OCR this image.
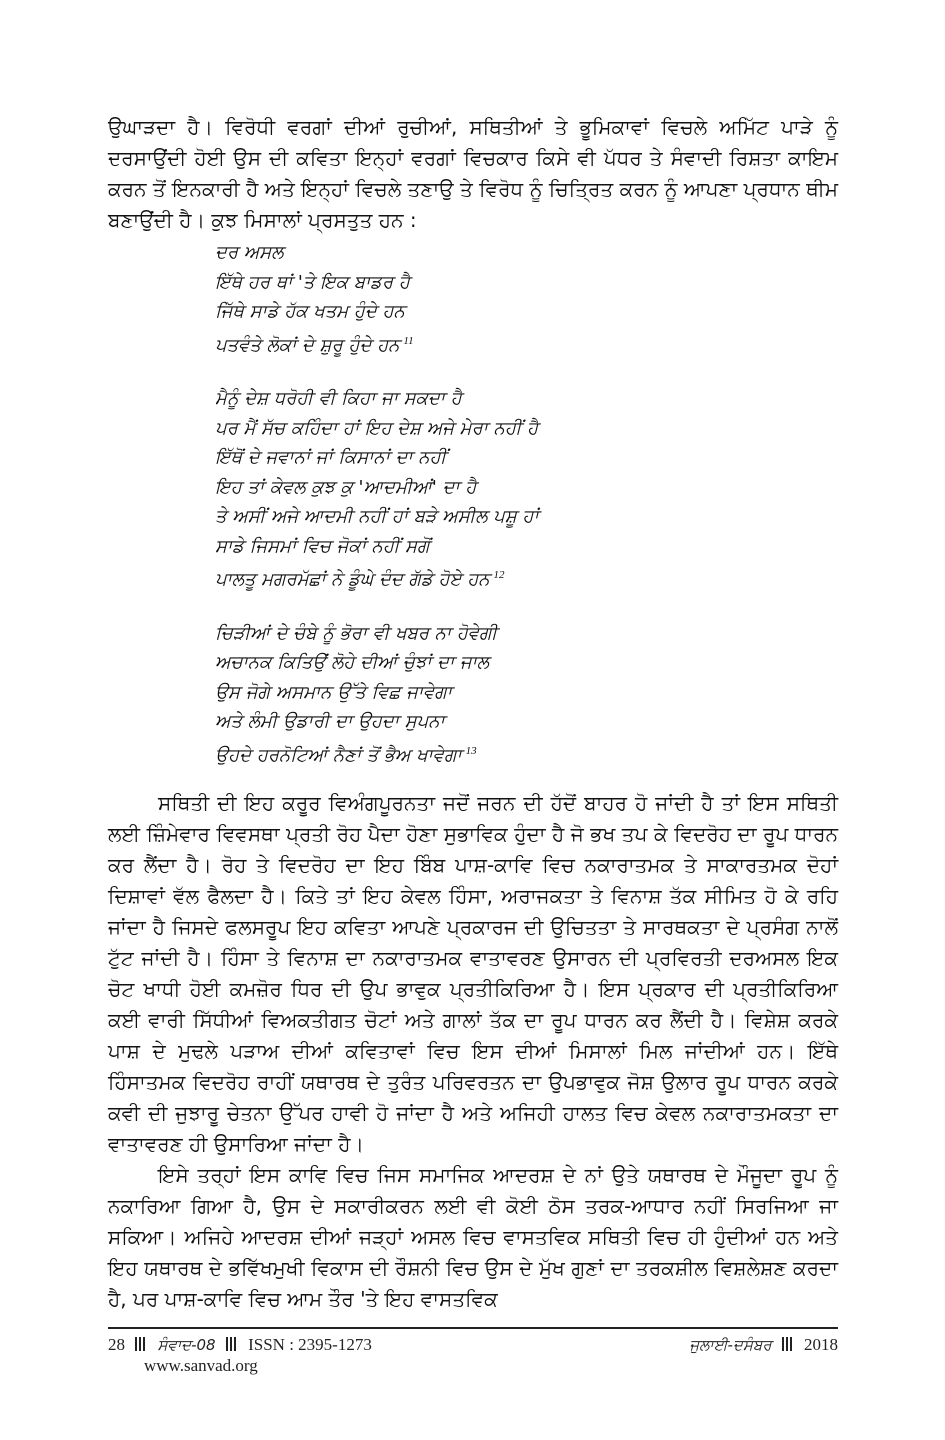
ਉਘਾੜਦਾ ਹੈ। ਵਿਰੋਧੀ ਵਰਗਾਂ ਦੀਆਂ ਰੁਚੀਆਂ, ਸਥਿਤੀਆਂ ਤੇ ਭੂਮਿਕਾਵਾਂ ਵਿਚਲੇ ਅਮਿੱਟ ਪਾੜੇ ਨੂੰ ਦਰਸਾਉਂਦੀ ਹੋਈ ਉਸ ਦੀ ਕਵਿਤਾ ਇਨ੍ਹਾਂ ਵਰਗਾਂ ਵਿਚਕਾਰ ਕਿਸੇ ਵੀ ਪੱਧਰ ਤੇ ਸੰਵਾਦੀ ਰਿਸ਼ਤਾ ਕਾਇਮ ਕਰਨ ਤੋਂ ਇਨਕਾਰੀ ਹੈ ਅਤੇ ਇਨ੍ਹਾਂ ਵਿਚਲੇ ਤਣਾਉ ਤੇ ਵਿਰੋਧ ਨੂੰ ਚਿਤ੍ਰਿਤ ਕਰਨ ਨੂੰ ਆਪਣਾ ਪ੍ਰਧਾਨ ਥੀਮ ਬਣਾਉਂਦੀ ਹੈ। ਕੁਝ ਮਿਸਾਲਾਂ ਪ੍ਰਸਤੁਤ ਹਨ :

ਦਰ ਅਸਲ
ਇੱਥੇ ਹਰ ਥਾਂ 'ਤੇ ਇਕ ਬਾਡਰ ਹੈ
ਜਿੱਥੇ ਸਾਡੇ ਹੱਕ ਖਤਮ ਹੁੰਦੇ ਹਨ
ਪਤਵੰਤੇ ਲੋਕਾਂ ਦੇ ਸ਼ੁਰੂ ਹੁੰਦੇ ਹਨ $^{11}$
ਮੈਨੂੰ ਦੇਸ਼ ਧਰੋਹੀ ਵੀ ਕਿਹਾ ਜਾ ਸਕਦਾ ਹੈ
ਪਰ ਮੈਂ ਸੱਚ ਕਹਿੰਦਾ ਹਾਂ ਇਹ ਦੇਸ਼ ਅਜੇ ਮੇਰਾ ਨਹੀਂ ਹੈ
ਇੱਥੋਂ ਦੇ ਜਵਾਨਾਂ ਜਾਂ ਕਿਸਾਨਾਂ ਦਾ ਨਹੀਂ
ਇਹ ਤਾਂ ਕੇਵਲ ਕੁਝ ਕੁ 'ਆਦਮੀਆਂ' ਦਾ ਹੈ
ਤੇ ਅਸੀਂ ਅਜੇ ਆਦਮੀ ਨਹੀਂ ਹਾਂ ਬੜੇ ਅਸੀਲ ਪਸ਼ੂ ਹਾਂ
ਸਾਡੇ ਜਿਸਮਾਂ ਵਿਚ ਜੋਕਾਂ ਨਹੀਂ ਸਗੋਂ
ਪਾਲਤੂ ਮਗਰਮੱਛਾਂ ਨੇ ਡੂੰਘੇ ਦੰਦ ਗੱਡੇ ਹੋਏ ਹਨ $^{12}$
ਚਿੜੀਆਂ ਦੇ ਚੰਬੇ ਨੂੰ ਭੋਰਾ ਵੀ ਖਬਰ ਨਾ ਹੋਵੇਗੀ
ਅਚਾਨਕ ਕਿਤਿਉਂ ਲੋਹੇ ਦੀਆਂ ਚੁੰਝਾਂ ਦਾ ਜਾਲ
ਉਸ ਜੋਗੇ ਅਸਮਾਨ ਉੱਤੇ ਵਿਛ ਜਾਵੇਗਾ
ਅਤੇ ਲੰਮੀ ਉਡਾਰੀ ਦਾ ਉਹਦਾ ਸੁਪਨਾ
ਉਹਦੇ ਹਰਨੋਟਿਆਂ ਨੈਣਾਂ ਤੋਂ ਭੈਅ ਖਾਵੇਗਾ $^{13}$

ਸਥਿਤੀ ਦੀ ਇਹ ਕਰੂਰ ਵਿਅੰਗਪੂਰਨਤਾ ਜਦੋਂ ਜਰਨ ਦੀ ਹੱਦੋਂ ਬਾਹਰ ਹੋ ਜਾਂਦੀ ਹੈ ਤਾਂ ਇਸ ਸਥਿਤੀ ਲਈ ਜ਼ਿੰਮੇਵਾਰ ਵਿਵਸਥਾ ਪ੍ਰਤੀ ਰੋਹ ਪੈਦਾ ਹੋਣਾ ਸੁਭਾਵਿਕ ਹੁੰਦਾ ਹੈ ਜੋ ਭਖ ਤਪ ਕੇ ਵਿਦਰੋਹ ਦਾ ਰੂਪ ਧਾਰਨ ਕਰ ਲੈਂਦਾ ਹੈ। ਰੋਹ ਤੇ ਵਿਦਰੋਹ ਦਾ ਇਹ ਬਿੰਬ ਪਾਸ਼-ਕਾਵਿ ਵਿਚ ਨਕਾਰਾਤਮਕ ਤੇ ਸਾਕਾਰਤਮਕ ਦੋਹਾਂ ਦਿਸ਼ਾਵਾਂ ਵੱਲ ਫੈਲਦਾ ਹੈ। ਕਿਤੇ ਤਾਂ ਇਹ ਕੇਵਲ ਹਿੰਸਾ, ਅਰਾਜਕਤਾ ਤੇ ਵਿਨਾਸ਼ ਤੱਕ ਸੀਮਿਤ ਹੋ ਕੇ ਰਹਿ ਜਾਂਦਾ ਹੈ ਜਿਸਦੇ ਫਲਸਰੂਪ ਇਹ ਕਵਿਤਾ ਆਪਣੇ ਪ੍ਰਕਾਰਜ ਦੀ ਉਚਿਤਤਾ ਤੇ ਸਾਰਥਕਤਾ ਦੇ ਪ੍ਰਸੰਗ ਨਾਲੋਂ ਟੁੱਟ ਜਾਂਦੀ ਹੈ। ਹਿੰਸਾ ਤੇ ਵਿਨਾਸ਼ ਦਾ ਨਕਾਰਾਤਮਕ ਵਾਤਾਵਰਣ ਉਸਾਰਨ ਦੀ ਪ੍ਰਵਿਰਤੀ ਦਰਅਸਲ ਇਕ ਚੋਟ ਖਾਧੀ ਹੋਈ ਕਮਜ਼ੋਰ ਧਿਰ ਦੀ ਉਪ ਭਾਵੁਕ ਪ੍ਰਤੀਕਿਰਿਆ ਹੈ। ਇਸ ਪ੍ਰਕਾਰ ਦੀ ਪ੍ਰਤੀਕਿਰਿਆ ਕਈ ਵਾਰੀ ਸਿੱਧੀਆਂ ਵਿਅਕਤੀਗਤ ਚੋਟਾਂ ਅਤੇ ਗਾਲਾਂ ਤੱਕ ਦਾ ਰੂਪ ਧਾਰਨ ਕਰ ਲੈਂਦੀ ਹੈ। ਵਿਸ਼ੇਸ਼ ਕਰਕੇ ਪਾਸ਼ ਦੇ ਮੁਢਲੇ ਪੜਾਅ ਦੀਆਂ ਕਵਿਤਾਵਾਂ ਵਿਚ ਇਸ ਦੀਆਂ ਮਿਸਾਲਾਂ ਮਿਲ ਜਾਂਦੀਆਂ ਹਨ। ਇੱਥੇ ਹਿੰਸਾਤਮਕ ਵਿਦਰੋਹ ਰਾਹੀਂ ਯਥਾਰਥ ਦੇ ਤੁਰੰਤ ਪਰਿਵਰਤਨ ਦਾ ਉਪਭਾਵੁਕ ਜੋਸ਼ ਉਲਾਰ ਰੂਪ ਧਾਰਨ ਕਰਕੇ ਕਵੀ ਦੀ ਜੁਝਾਰੂ ਚੇਤਨਾ ਉੱਪਰ ਹਾਵੀ ਹੋ ਜਾਂਦਾ ਹੈ ਅਤੇ ਅਜਿਹੀ ਹਾਲਤ ਵਿਚ ਕੇਵਲ ਨਕਾਰਾਤਮਕਤਾ ਦਾ ਵਾਤਾਵਰਣ ਹੀ ਉਸਾਰਿਆ ਜਾਂਦਾ ਹੈ।

ਇਸੇ ਤਰ੍ਹਾਂ ਇਸ ਕਾਵਿ ਵਿਚ ਜਿਸ ਸਮਾਜਿਕ ਆਦਰਸ਼ ਦੇ ਨਾਂ ਉਤੇ ਯਥਾਰਥ ਦੇ ਮੌਜੂਦਾ ਰੂਪ ਨੂੰ ਨਕਾਰਿਆ ਗਿਆ ਹੈ, ਉਸ ਦੇ ਸਕਾਰੀਕਰਨ ਲਈ ਵੀ ਕੋਈ ਠੋਸ ਤਰਕ-ਆਧਾਰ ਨਹੀਂ ਸਿਰਜਿਆ ਜਾ ਸਕਿਆ। ਅਜਿਹੇ ਆਦਰਸ਼ ਦੀਆਂ ਜੜ੍ਹਾਂ ਅਸਲ ਵਿਚ ਵਾਸਤਵਿਕ ਸਥਿਤੀ ਵਿਚ ਹੀ ਹੁੰਦੀਆਂ ਹਨ ਅਤੇ ਇਹ ਯਥਾਰਥ ਦੇ ਭਵਿੱਖਮੁਖੀ ਵਿਕਾਸ ਦੀ ਰੌਸ਼ਨੀ ਵਿਚ ਉਸ ਦੇ ਮੁੱਖ ਗੁਣਾਂ ਦਾ ਤਰਕਸ਼ੀਲ ਵਿਸ਼ਲੇਸ਼ਣ ਕਰਦਾ ਹੈ, ਪਰ ਪਾਸ਼-ਕਾਵਿ ਵਿਚ ਆਮ ਤੌਰ 'ਤੇ ਇਹ ਵਾਸਤਵਿਕ

28 ਸੰਵਾਦ-08 ISSN : 2395-1273	ਜੁਲਾਈ-ਦਸੰਬਰ 2018
www.sanvad.org
